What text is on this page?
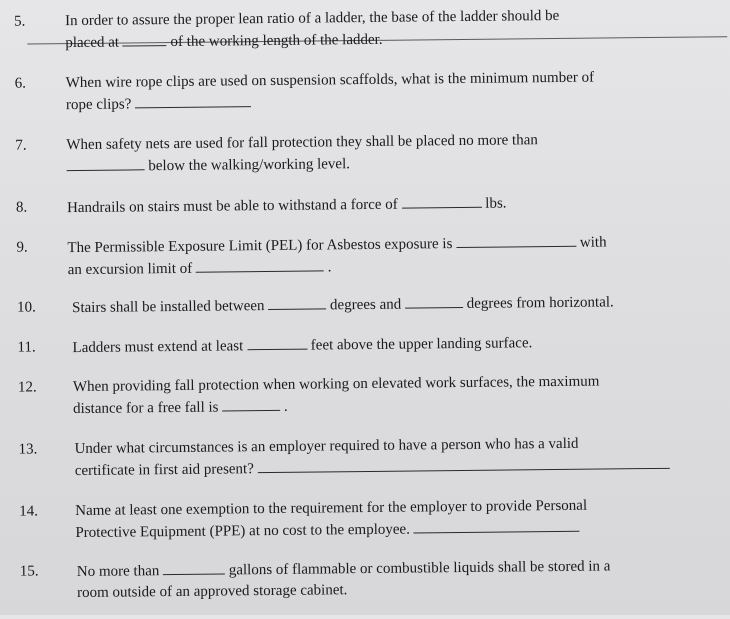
5.	In order to assure the proper lean ratio of a ladder, the base of the ladder should be
placed at	of the working length of the ladder.
6.	When wire rope clips are used on suspension scaffolds, what is the minimum number of
rope clips?
7.	When safety nets are used for fall protection they shall be placed no more than
below the walking/working level.
8.	Handrails on stairs must be able to withstand a force of	lbs.
9.	The Permissible Exposure Limit (PEL) for Asbestos exposure is	with
an excursion limit of	.
10.	Stairs shall be installed between	degrees and	degrees from horizontal.
11.	Ladders must extend at least	feet above the upper landing surface.
12.	When providing fall protection when working on elevated work surfaces, the maximum
distance for a free fall is	.
13.	Under what circumstances is an employer required to have a person who has a valid
certificate in first aid present?
14.	Name at least one exemption to the requirement for the employer to provide Personal
Protective Equipment (PPE) at no cost to the employee.
15.	No more than	gallons of flammable or combustible liquids shall be stored in a
room outside of an approved storage cabinet.
